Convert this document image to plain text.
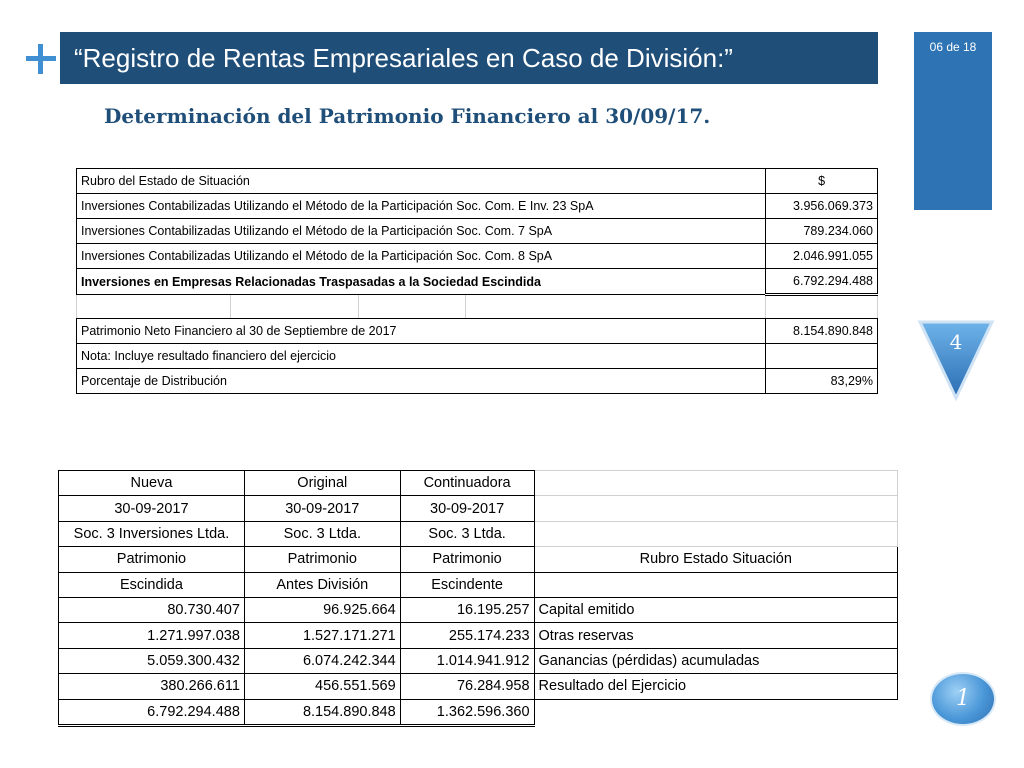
“Registro de Rentas Empresariales en Caso de División:”	06 de 18
Determinación del Patrimonio Financiero al 30/09/17.
4
1
Rubro del Estado de Situación				$
Inversiones Contabilizadas Utilizando el Método de la Participación Soc. Com. E Inv. 23 SpA				3.956.069.373
Inversiones Contabilizadas Utilizando el Método de la Participación Soc. Com. 7 SpA				789.234.060
Inversiones Contabilizadas Utilizando el Método de la Participación Soc. Com. 8 SpA				2.046.991.055
Inversiones en Empresas Relacionadas Traspasadas a la Sociedad Escindida				6.792.294.488

Patrimonio Neto Financiero al 30 de Septiembre de 2017				8.154.890.848
Nota: Incluye resultado financiero del ejercicio				
Porcentaje de Distribución				83,29%
Nueva	Original	Continuadora	
30-09-2017	30-09-2017	30-09-2017	
Soc. 3 Inversiones Ltda.	Soc. 3 Ltda.	Soc. 3 Ltda.	
Patrimonio	Patrimonio	Patrimonio	Rubro Estado Situación
Escindida	Antes División	Escindente	
80.730.407	96.925.664	16.195.257	Capital emitido
1.271.997.038	1.527.171.271	255.174.233	Otras reservas
5.059.300.432	6.074.242.344	1.014.941.912	Ganancias (pérdidas) acumuladas
380.266.611	456.551.569	76.284.958	Resultado del Ejercicio
6.792.294.488	8.154.890.848	1.362.596.360	
